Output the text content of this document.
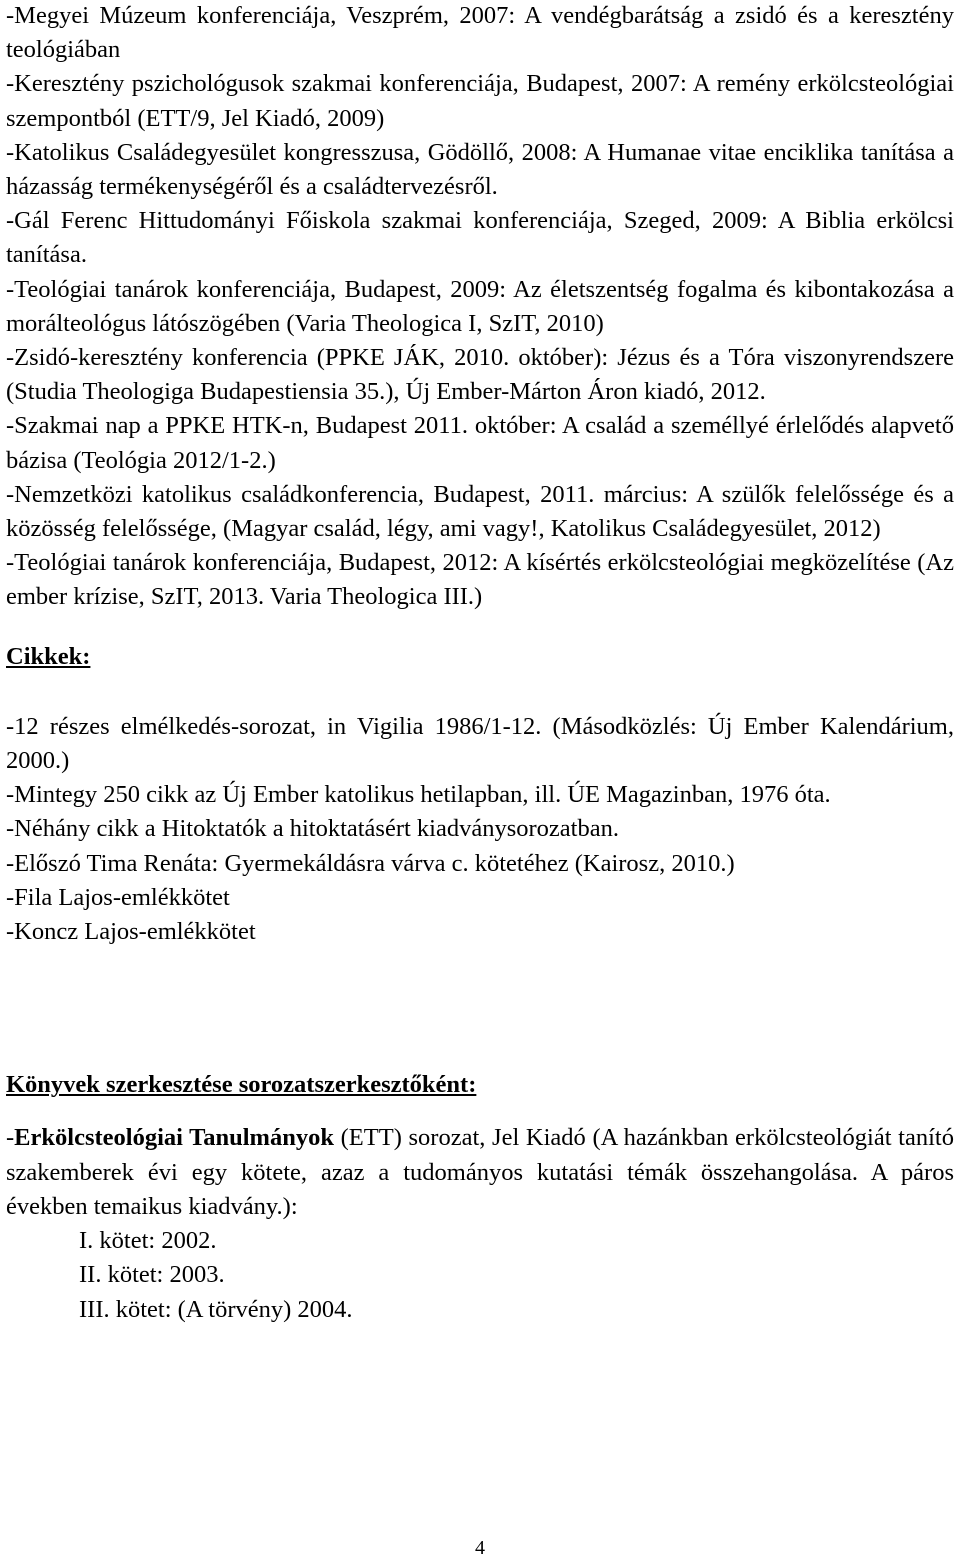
-Megyei Múzeum konferenciája, Veszprém, 2007: A vendégbarátság a zsidó és a keresztény teológiában

-Keresztény pszichológusok szakmai konferenciája, Budapest, 2007: A remény erkölcsteológiai szempontból (ETT/9, Jel Kiadó, 2009)

-Katolikus Családegyesület kongresszusa, Gödöllő, 2008: A Humanae vitae enciklika tanítása a házasság termékenységéről és a családtervezésről.

-Gál Ferenc Hittudományi Főiskola szakmai konferenciája, Szeged, 2009: A Biblia erkölcsi tanítása.

-Teológiai tanárok konferenciája, Budapest, 2009: Az életszentség fogalma és kibontakozása a morálteológus látószögében (Varia Theologica I, SzIT, 2010)

-Zsidó-keresztény konferencia (PPKE JÁK, 2010. október): Jézus és a Tóra viszonyrendszere (Studia Theologiga Budapestiensia 35.), Új Ember-Márton Áron kiadó, 2012.

-Szakmai nap a PPKE HTK-n, Budapest 2011. október: A család a személlyé érlelődés alapvető bázisa (Teológia 2012/1-2.)

-Nemzetközi katolikus családkonferencia, Budapest, 2011. március: A szülők felelőssége és a közösség felelőssége, (Magyar család, légy, ami vagy!, Katolikus Családegyesület, 2012)

-Teológiai tanárok konferenciája, Budapest, 2012: A kísértés erkölcsteológiai megközelítése (Az ember krízise, SzIT, 2013. Varia Theologica III.)

Cikkek:

-12 részes elmélkedés-sorozat, in Vigilia 1986/1-12. (Másodközlés: Új Ember Kalendárium, 2000.)

-Mintegy 250 cikk az Új Ember katolikus hetilapban, ill. ÚE Magazinban, 1976 óta.

-Néhány cikk a Hitoktatók a hitoktatásért kiadványsorozatban.

-Előszó Tima Renáta: Gyermekáldásra várva c. kötetéhez (Kairosz, 2010.)

-Fila Lajos-emlékkötet

-Koncz Lajos-emlékkötet

Könyvek szerkesztése sorozatszerkesztőként:

-Erkölcsteológiai Tanulmányok (ETT) sorozat, Jel Kiadó (A hazánkban erkölcsteológiát tanító szakemberek évi egy kötete, azaz a tudományos kutatási témák összehangolása. A páros években temaikus kiadvány.):

I. kötet: 2002.

II. kötet: 2003.

III. kötet: (A törvény) 2004.

4
